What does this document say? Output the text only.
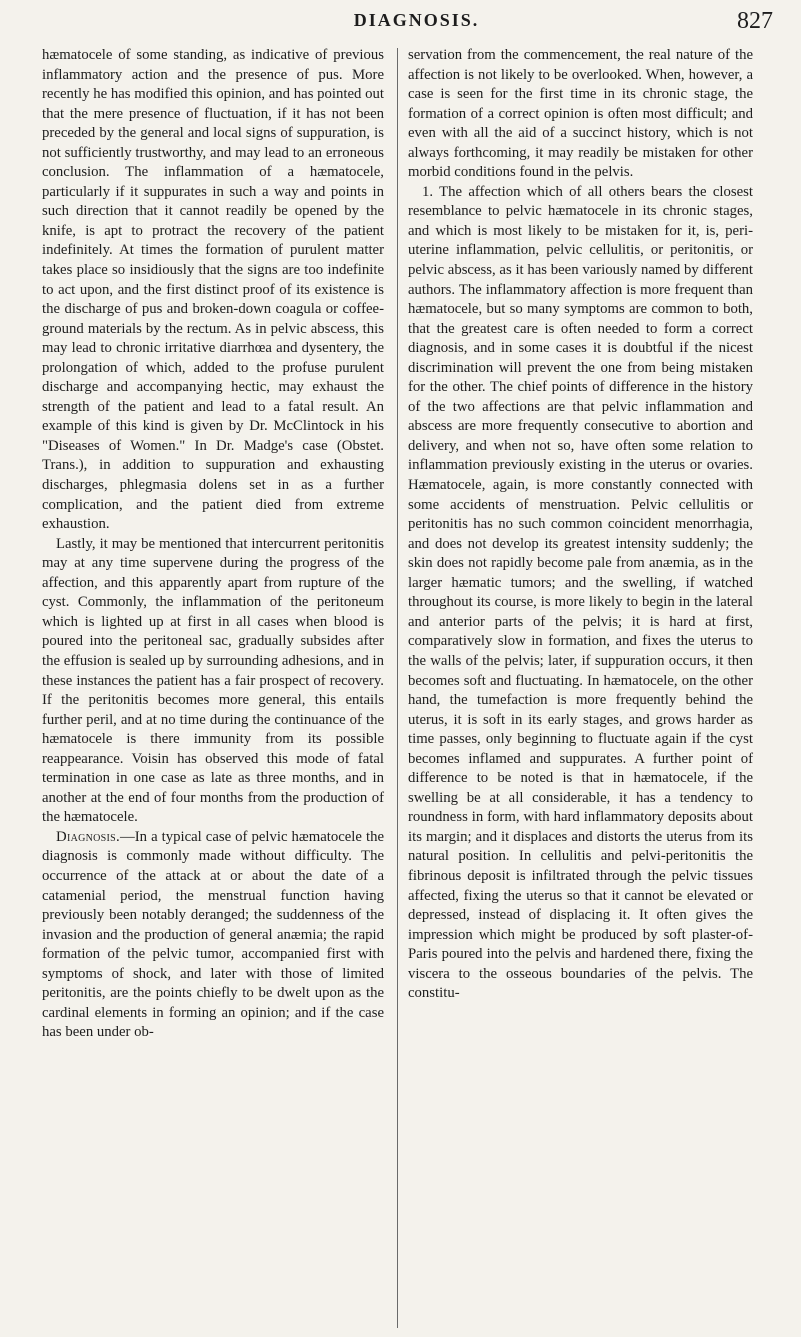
DIAGNOSIS.	827

hæmatocele of some standing, as indicative of previous inflammatory action and the presence of pus. More recently he has modified this opinion, and has pointed out that the mere presence of fluctuation, if it has not been preceded by the general and local signs of suppuration, is not sufficiently trustworthy, and may lead to an erroneous conclusion. The inflammation of a hæmatocele, particularly if it suppurates in such a way and points in such direction that it cannot readily be opened by the knife, is apt to protract the recovery of the patient indefinitely. At times the formation of purulent matter takes place so insidiously that the signs are too indefinite to act upon, and the first distinct proof of its existence is the discharge of pus and broken-down coagula or coffee-ground materials by the rectum. As in pelvic abscess, this may lead to chronic irritative diarrhœa and dysentery, the prolongation of which, added to the profuse purulent discharge and accompanying hectic, may exhaust the strength of the patient and lead to a fatal result. An example of this kind is given by Dr. McClintock in his "Diseases of Women." In Dr. Madge's case (Obstet. Trans.), in addition to suppuration and exhausting discharges, phlegmasia dolens set in as a further complication, and the patient died from extreme exhaustion.

Lastly, it may be mentioned that intercurrent peritonitis may at any time supervene during the progress of the affection, and this apparently apart from rupture of the cyst. Commonly, the inflammation of the peritoneum which is lighted up at first in all cases when blood is poured into the peritoneal sac, gradually subsides after the effusion is sealed up by surrounding adhesions, and in these instances the patient has a fair prospect of recovery. If the peritonitis becomes more general, this entails further peril, and at no time during the continuance of the hæmatocele is there immunity from its possible reappearance. Voisin has observed this mode of fatal termination in one case as late as three months, and in another at the end of four months from the production of the hæmatocele.

Diagnosis.—In a typical case of pelvic hæmatocele the diagnosis is commonly made without difficulty. The occurrence of the attack at or about the date of a catamenial period, the menstrual function having previously been notably deranged; the suddenness of the invasion and the production of general anæmia; the rapid formation of the pelvic tumor, accompanied first with symptoms of shock, and later with those of limited peritonitis, are the points chiefly to be dwelt upon as the cardinal elements in forming an opinion; and if the case has been under ob-

servation from the commencement, the real nature of the affection is not likely to be overlooked. When, however, a case is seen for the first time in its chronic stage, the formation of a correct opinion is often most difficult; and even with all the aid of a succinct history, which is not always forthcoming, it may readily be mistaken for other morbid conditions found in the pelvis.

1. The affection which of all others bears the closest resemblance to pelvic hæmatocele in its chronic stages, and which is most likely to be mistaken for it, is, peri-uterine inflammation, pelvic cellulitis, or peritonitis, or pelvic abscess, as it has been variously named by different authors. The inflammatory affection is more frequent than hæmatocele, but so many symptoms are common to both, that the greatest care is often needed to form a correct diagnosis, and in some cases it is doubtful if the nicest discrimination will prevent the one from being mistaken for the other. The chief points of difference in the history of the two affections are that pelvic inflammation and abscess are more frequently consecutive to abortion and delivery, and when not so, have often some relation to inflammation previously existing in the uterus or ovaries. Hæmatocele, again, is more constantly connected with some accidents of menstruation. Pelvic cellulitis or peritonitis has no such common coincident menorrhagia, and does not develop its greatest intensity suddenly; the skin does not rapidly become pale from anæmia, as in the larger hæmatic tumors; and the swelling, if watched throughout its course, is more likely to begin in the lateral and anterior parts of the pelvis; it is hard at first, comparatively slow in formation, and fixes the uterus to the walls of the pelvis; later, if suppuration occurs, it then becomes soft and fluctuating. In hæmatocele, on the other hand, the tumefaction is more frequently behind the uterus, it is soft in its early stages, and grows harder as time passes, only beginning to fluctuate again if the cyst becomes inflamed and suppurates. A further point of difference to be noted is that in hæmatocele, if the swelling be at all considerable, it has a tendency to roundness in form, with hard inflammatory deposits about its margin; and it displaces and distorts the uterus from its natural position. In cellulitis and pelvi-peritonitis the fibrinous deposit is infiltrated through the pelvic tissues affected, fixing the uterus so that it cannot be elevated or depressed, instead of displacing it. It often gives the impression which might be produced by soft plaster-of-Paris poured into the pelvis and hardened there, fixing the viscera to the osseous boundaries of the pelvis. The constitu-
